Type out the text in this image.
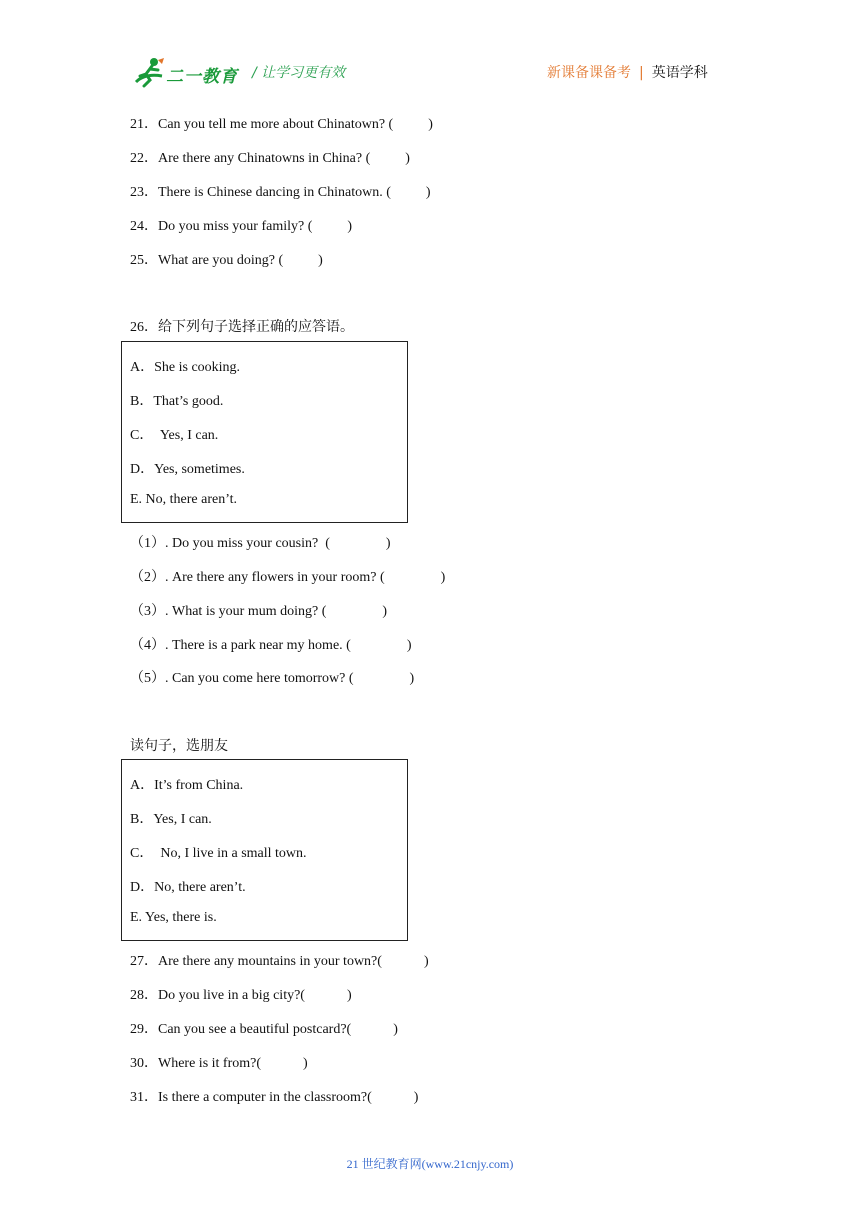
二一教育 / 让学习更有效	新课备课备考 | 英语学科
21．Can you tell me more about Chinatown? (          )
22．Are there any Chinatowns in China? (          )
23．There is Chinese dancing in Chinatown. (          )
24．Do you miss your family? (          )
25．What are you doing? (          )
26．给下列句子选择正确的应答语。
A．She is cooking.
B．That’s good.
C．  Yes, I can.
D．Yes, sometimes.
E. No, there aren’t.
（1）. Do you miss your cousin?  (                )
（2）. Are there any flowers in your room? (                )
（3）. What is your mum doing? (                )
（4）. There is a park near my home. (                )
（5）. Can you come here tomorrow? (                )
读句子，选朋友
A．It’s from China.
B．Yes, I can.
C．  No, I live in a small town.
D．No, there aren’t.
E. Yes, there is.
27．Are there any mountains in your town?(            )
28．Do you live in a big city?(            )
29．Can you see a beautiful postcard?(            )
30．Where is it from?(            )
31．Is there a computer in the classroom?(            )
21 世纪教育网(www.21cnjy.com)
